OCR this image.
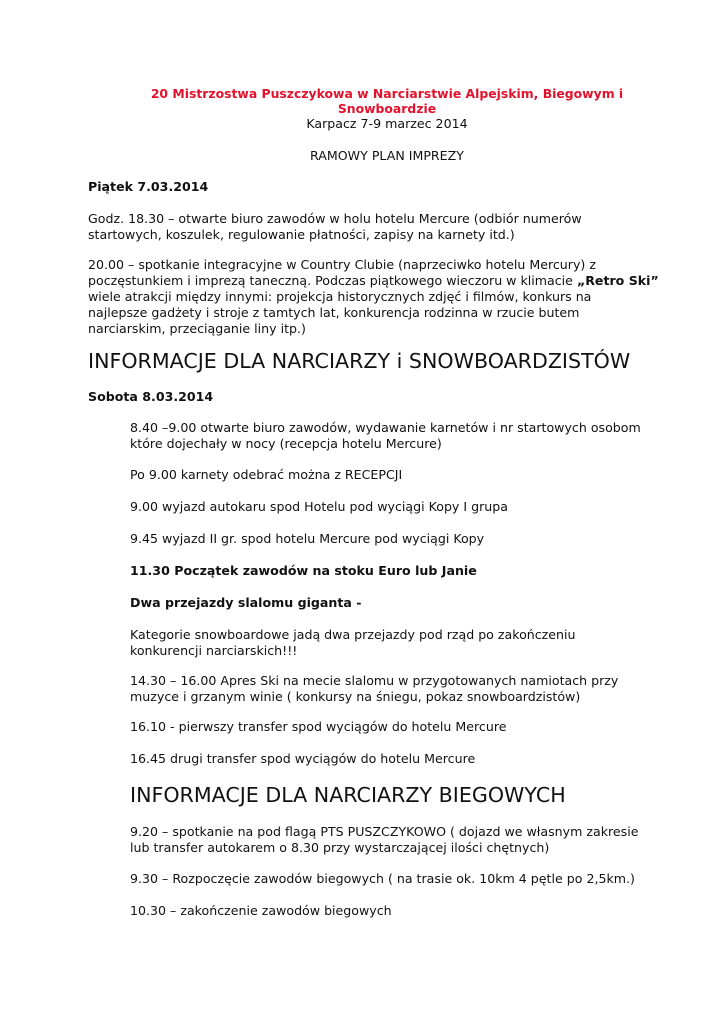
20 Mistrzostwa Puszczykowa w Narciarstwie Alpejskim, Biegowym i
Snowboardzie
Karpacz 7-9 marzec 2014
RAMOWY PLAN IMPREZY
Piątek 7.03.2014
Godz. 18.30 – otwarte biuro zawodów w holu hotelu Mercure (odbiór numerów
startowych, koszulek, regulowanie płatności, zapisy na karnety itd.)
20.00 – spotkanie integracyjne w Country Clubie (naprzeciwko hotelu Mercury) z
poczęstunkiem i imprezą taneczną. Podczas piątkowego wieczoru w klimacie „Retro Ski”
wiele atrakcji między innymi: projekcja historycznych zdjęć i filmów, konkurs na
najlepsze gadżety i stroje z tamtych lat, konkurencja rodzinna w rzucie butem
narciarskim, przeciąganie liny itp.)
INFORMACJE DLA NARCIARZY i SNOWBOARDZISTÓW
Sobota 8.03.2014
8.40 –9.00 otwarte biuro zawodów, wydawanie karnetów i nr startowych osobom
które dojechały w nocy (recepcja hotelu Mercure)
Po 9.00 karnety odebrać można z RECEPCJI
9.00 wyjazd autokaru spod Hotelu pod wyciągi Kopy I grupa
9.45 wyjazd II gr. spod hotelu Mercure pod wyciągi Kopy
11.30 Początek zawodów na stoku Euro lub Janie
Dwa przejazdy slalomu giganta -
Kategorie snowboardowe jadą dwa przejazdy pod rząd po zakończeniu
konkurencji narciarskich!!!
14.30 – 16.00 Apres Ski na mecie slalomu w przygotowanych namiotach przy
muzyce i grzanym winie ( konkursy na śniegu, pokaz snowboardzistów)
16.10 - pierwszy transfer spod wyciągów do hotelu Mercure
16.45 drugi transfer spod wyciągów do hotelu Mercure
INFORMACJE DLA NARCIARZY BIEGOWYCH
9.20 – spotkanie na pod flagą PTS PUSZCZYKOWO ( dojazd we własnym zakresie
lub transfer autokarem o 8.30 przy wystarczającej ilości chętnych)
9.30 – Rozpoczęcie zawodów biegowych ( na trasie ok. 10km 4 pętle po 2,5km.)
10.30 – zakończenie zawodów biegowych
